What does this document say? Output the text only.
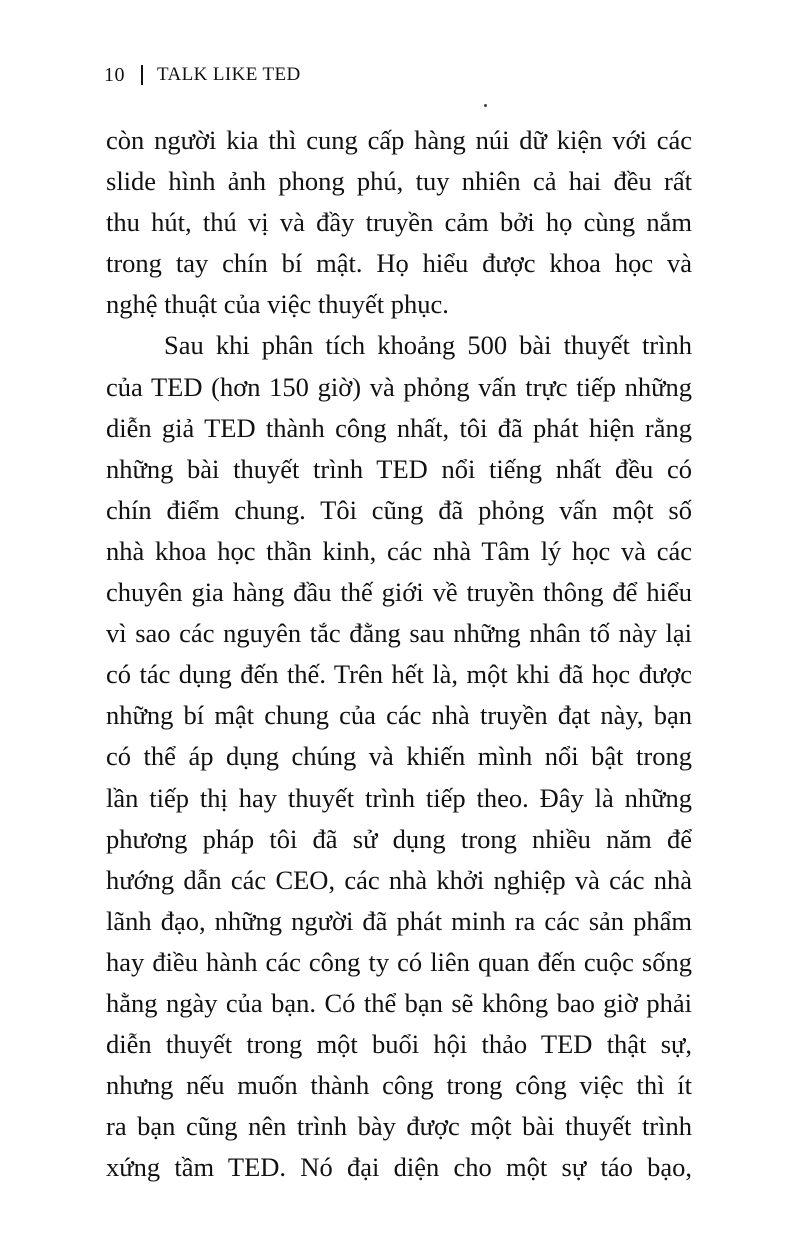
10 TALK LIKE TED
còn người kia thì cung cấp hàng núi dữ kiện với các
slide hình ảnh phong phú, tuy nhiên cả hai đều rất
thu hút, thú vị và đầy truyền cảm bởi họ cùng nắm
trong tay chín bí mật. Họ hiểu được khoa học và
nghệ thuật của việc thuyết phục.
Sau khi phân tích khoảng 500 bài thuyết trình
của TED (hơn 150 giờ) và phỏng vấn trực tiếp những
diễn giả TED thành công nhất, tôi đã phát hiện rằng
những bài thuyết trình TED nổi tiếng nhất đều có
chín điểm chung. Tôi cũng đã phỏng vấn một số
nhà khoa học thần kinh, các nhà Tâm lý học và các
chuyên gia hàng đầu thế giới về truyền thông để hiểu
vì sao các nguyên tắc đằng sau những nhân tố này lại
có tác dụng đến thế. Trên hết là, một khi đã học được
những bí mật chung của các nhà truyền đạt này, bạn
có thể áp dụng chúng và khiến mình nổi bật trong
lần tiếp thị hay thuyết trình tiếp theo. Đây là những
phương pháp tôi đã sử dụng trong nhiều năm để
hướng dẫn các CEO, các nhà khởi nghiệp và các nhà
lãnh đạo, những người đã phát minh ra các sản phẩm
hay điều hành các công ty có liên quan đến cuộc sống
hằng ngày của bạn. Có thể bạn sẽ không bao giờ phải
diễn thuyết trong một buổi hội thảo TED thật sự,
nhưng nếu muốn thành công trong công việc thì ít
ra bạn cũng nên trình bày được một bài thuyết trình
xứng tầm TED. Nó đại diện cho một sự táo bạo,
